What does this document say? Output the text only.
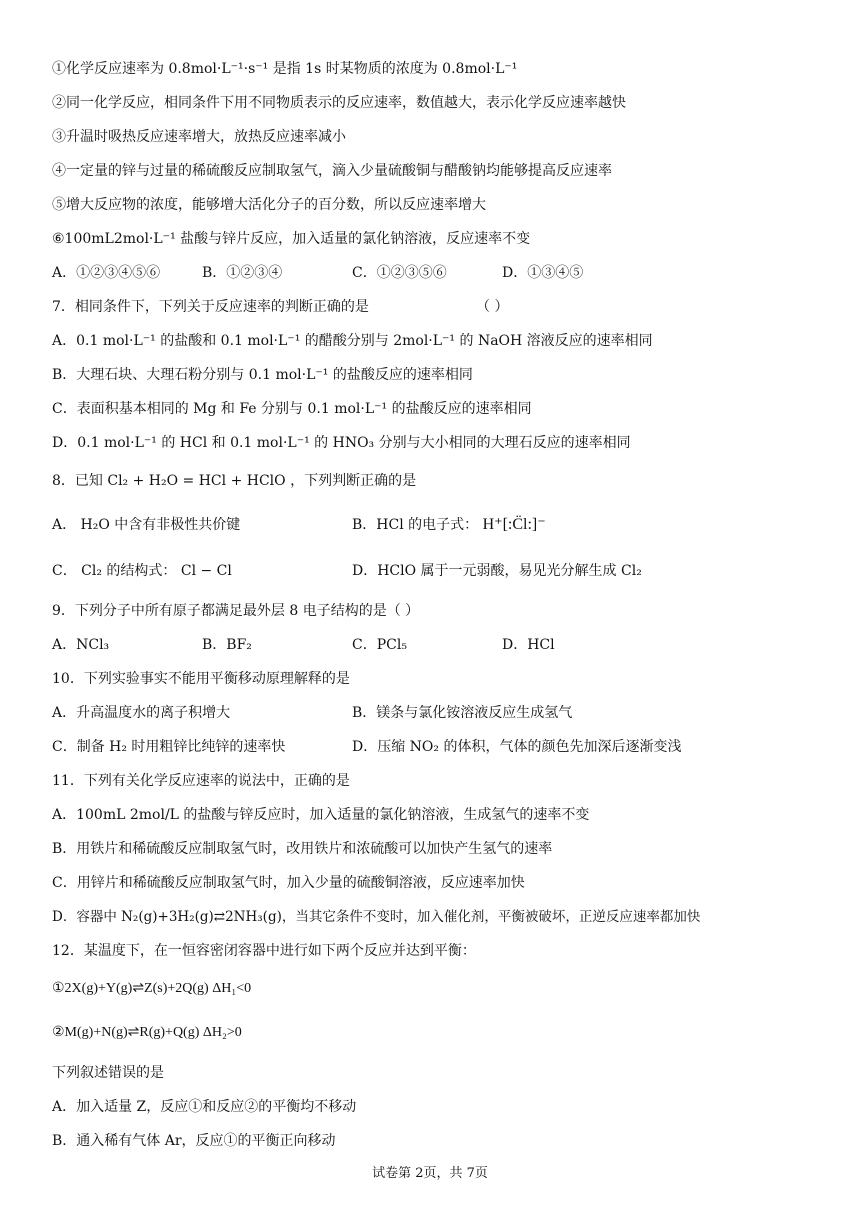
①化学反应速率为 0.8mol·L⁻¹·s⁻¹ 是指 1s 时某物质的浓度为 0.8mol·L⁻¹
②同一化学反应，相同条件下用不同物质表示的反应速率，数值越大，表示化学反应速率越快
③升温时吸热反应速率增大，放热反应速率减小
④一定量的锌与过量的稀硫酸反应制取氢气，滴入少量硫酸铜与醋酸钠均能够提高反应速率
⑤增大反应物的浓度，能够增大活化分子的百分数，所以反应速率增大
⑥100mL2mol·L⁻¹ 盐酸与锌片反应，加入适量的氯化钠溶液，反应速率不变
A．①②③④⑤⑥	B．①②③④	C．①②③⑤⑥	D．①③④⑤
7．相同条件下，下列关于反应速率的判断正确的是	（ ）
A．0.1 mol·L⁻¹ 的盐酸和 0.1 mol·L⁻¹ 的醋酸分别与 2mol·L⁻¹ 的 NaOH 溶液反应的速率相同
B．大理石块、大理石粉分别与 0.1 mol·L⁻¹ 的盐酸反应的速率相同
C．表面积基本相同的 Mg 和 Fe 分别与 0.1 mol·L⁻¹ 的盐酸反应的速率相同
D．0.1 mol·L⁻¹ 的 HCl 和 0.1 mol·L⁻¹ 的 HNO₃ 分别与大小相同的大理石反应的速率相同
8．已知 Cl₂ + H₂O = HCl + HClO ，下列判断正确的是
A． H₂O 中含有非极性共价键	B．HCl 的电子式： H⁺[:C̈l:]⁻
C． Cl₂ 的结构式： Cl − Cl	D．HClO 属于一元弱酸，易见光分解生成 Cl₂
9．下列分子中所有原子都满足最外层 8 电子结构的是（ ）
A．NCl₃	B．BF₂	C．PCl₅	D．HCl
10．下列实验事实不能用平衡移动原理解释的是
A．升高温度水的离子积增大	B．镁条与氯化铵溶液反应生成氢气
C．制备 H₂ 时用粗锌比纯锌的速率快	D．压缩 NO₂ 的体积，气体的颜色先加深后逐渐变浅
11．下列有关化学反应速率的说法中，正确的是
A．100mL 2mol/L 的盐酸与锌反应时，加入适量的氯化钠溶液，生成氢气的速率不变
B．用铁片和稀硫酸反应制取氢气时，改用铁片和浓硫酸可以加快产生氢气的速率
C．用锌片和稀硫酸反应制取氢气时，加入少量的硫酸铜溶液，反应速率加快
D．容器中 N₂(g)+3H₂(g)⇄2NH₃(g)，当其它条件不变时，加入催化剂，平衡被破坏，正逆反应速率都加快
12．某温度下，在一恒容密闭容器中进行如下两个反应并达到平衡：
①2X(g)+Y(g)⇌Z(s)+2Q(g) ΔH₁<0
②M(g)+N(g)⇌R(g)+Q(g) ΔH₂>0
下列叙述错误的是
A．加入适量 Z，反应①和反应②的平衡均不移动
B．通入稀有气体 Ar，反应①的平衡正向移动
试卷第 2页，共 7页
